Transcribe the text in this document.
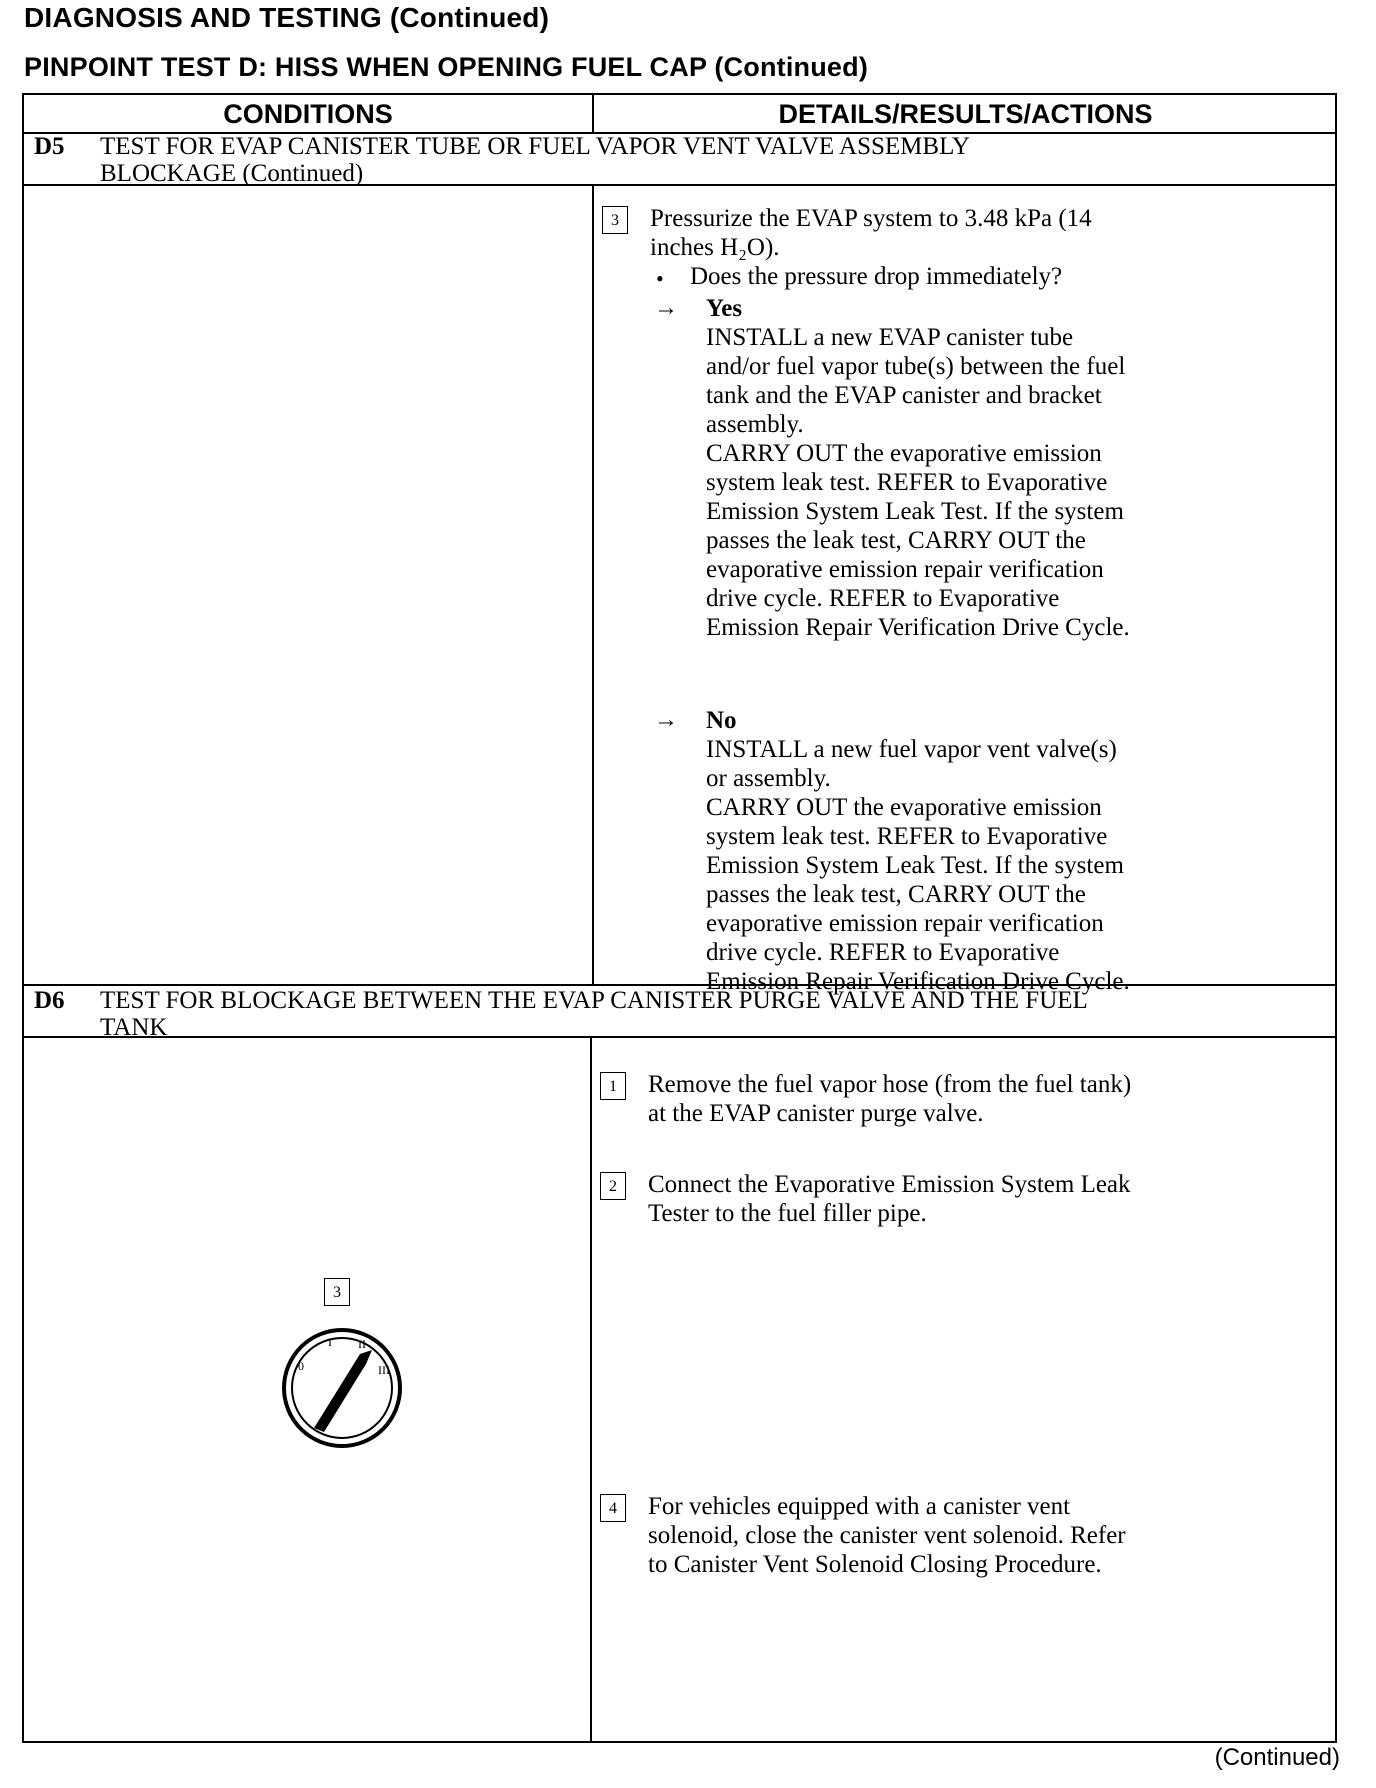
DIAGNOSIS AND TESTING (Continued)
PINPOINT TEST D: HISS WHEN OPENING FUEL CAP (Continued)
CONDITIONS	DETAILS/RESULTS/ACTIONS
D5 TEST FOR EVAP CANISTER TUBE OR FUEL VAPOR VENT VALVE ASSEMBLY
BLOCKAGE (Continued)
3	Pressurize the EVAP system to 3.48 kPa (14
inches H₂O).
• Does the pressure drop immediately?
→ Yes
INSTALL a new EVAP canister tube
and/or fuel vapor tube(s) between the fuel
tank and the EVAP canister and bracket
assembly.
CARRY OUT the evaporative emission
system leak test. REFER to Evaporative
Emission System Leak Test. If the system
passes the leak test, CARRY OUT the
evaporative emission repair verification
drive cycle. REFER to Evaporative
Emission Repair Verification Drive Cycle.
→ No
INSTALL a new fuel vapor vent valve(s)
or assembly.
CARRY OUT the evaporative emission
system leak test. REFER to Evaporative
Emission System Leak Test. If the system
passes the leak test, CARRY OUT the
evaporative emission repair verification
drive cycle. REFER to Evaporative
Emission Repair Verification Drive Cycle.
D6 TEST FOR BLOCKAGE BETWEEN THE EVAP CANISTER PURGE VALVE AND THE FUEL
TANK
3
0
I II
III
1	Remove the fuel vapor hose (from the fuel tank)
at the EVAP canister purge valve.
2	Connect the Evaporative Emission System Leak
Tester to the fuel filler pipe.
4	For vehicles equipped with a canister vent
solenoid, close the canister vent solenoid. Refer
to Canister Vent Solenoid Closing Procedure.
(Continued)
